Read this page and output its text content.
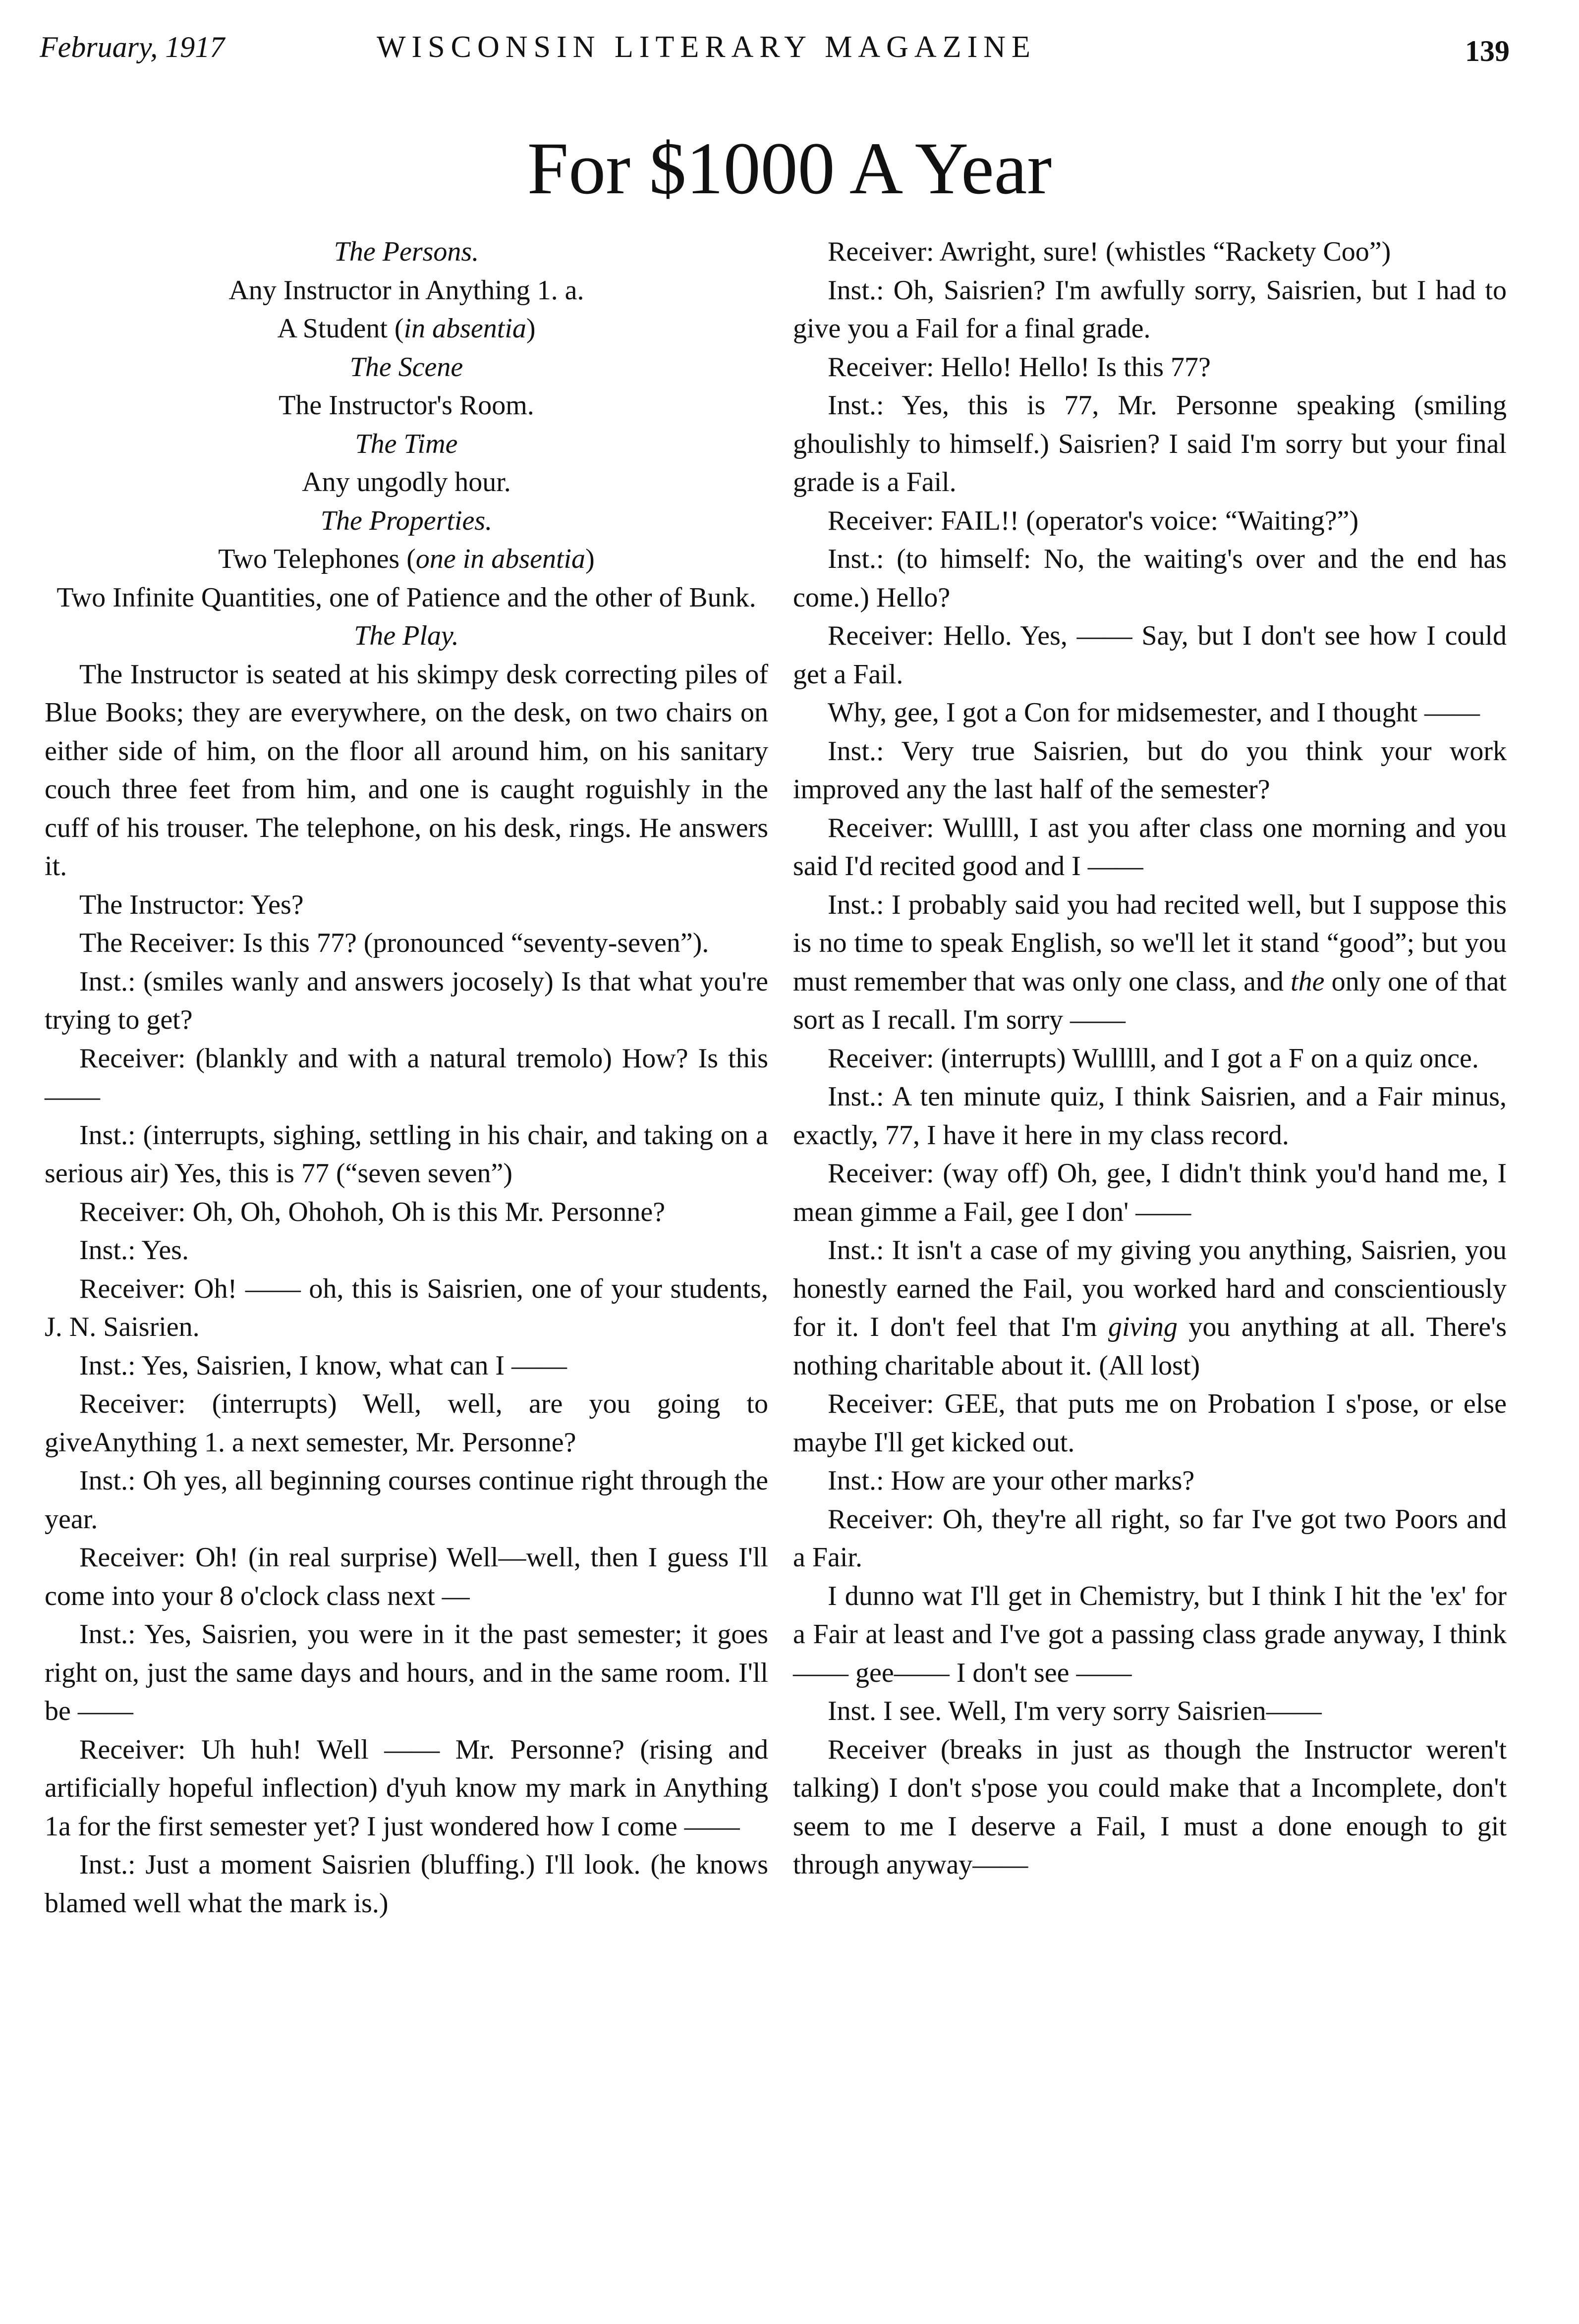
February, 1917	WISCONSIN LITERARY MAGAZINE	139
For $1000 A Year

The Persons.

Any Instructor in Anything 1. a.

A Student (in absentia)

The Scene

The Instructor's Room.

The Time

Any ungodly hour.

The Properties.

Two Telephones (one in absentia)

Two Infinite Quantities, one of Patience and the other of Bunk.

The Play.

The Instructor is seated at his skimpy desk correcting piles of Blue Books; they are everywhere, on the desk, on two chairs on either side of him, on the floor all around him, on his sanitary couch three feet from him, and one is caught roguishly in the cuff of his trouser. The telephone, on his desk, rings. He answers it.

The Instructor: Yes?

The Receiver: Is this 77? (pronounced “seventy-seven”).

Inst.: (smiles wanly and answers jocosely) Is that what you're trying to get?

Receiver: (blankly and with a natural tremolo) How? Is this ——

Inst.: (interrupts, sighing, settling in his chair, and taking on a serious air) Yes, this is 77 (“seven seven”)

Receiver: Oh, Oh, Ohohoh, Oh is this Mr. Personne?

Inst.: Yes.

Receiver: Oh! —— oh, this is Saisrien, one of your students, J. N. Saisrien.

Inst.: Yes, Saisrien, I know, what can I ——

Receiver: (interrupts) Well, well, are you going to giveAnything 1. a next semester, Mr. Personne?

Inst.: Oh yes, all beginning courses continue right through the year.

Receiver: Oh! (in real surprise) Well—well, then I guess I'll come into your 8 o'clock class next —

Inst.: Yes, Saisrien, you were in it the past semester; it goes right on, just the same days and hours, and in the same room. I'll be ——

Receiver: Uh huh! Well —— Mr. Personne? (rising and artificially hopeful inflection) d'yuh know my mark in Anything 1a for the first semester yet? I just wondered how I come ——

Inst.: Just a moment Saisrien (bluffing.) I'll look. (he knows blamed well what the mark is.)

Receiver: Awright, sure! (whistles “Rackety Coo”)

Inst.: Oh, Saisrien? I'm awfully sorry, Saisrien, but I had to give you a Fail for a final grade.

Receiver: Hello! Hello! Is this 77?

Inst.: Yes, this is 77, Mr. Personne speaking (smiling ghoulishly to himself.) Saisrien? I said I'm sorry but your final grade is a Fail.

Receiver: FAIL!! (operator's voice: “Waiting?”)

Inst.: (to himself: No, the waiting's over and the end has come.) Hello?

Receiver: Hello. Yes, —— Say, but I don't see how I could get a Fail.

Why, gee, I got a Con for midsemester, and I thought ——

Inst.: Very true Saisrien, but do you think your work improved any the last half of the semester?

Receiver: Wullll, I ast you after class one morning and you said I'd recited good and I ——

Inst.: I probably said you had recited well, but I suppose this is no time to speak English, so we'll let it stand “good”; but you must remember that was only one class, and the only one of that sort as I recall. I'm sorry ——

Receiver: (interrupts) Wulllll, and I got a F on a quiz once.

Inst.: A ten minute quiz, I think Saisrien, and a Fair minus, exactly, 77, I have it here in my class record.

Receiver: (way off) Oh, gee, I didn't think you'd hand me, I mean gimme a Fail, gee I don' ——

Inst.: It isn't a case of my giving you anything, Saisrien, you honestly earned the Fail, you worked hard and conscientiously for it. I don't feel that I'm giving you anything at all. There's nothing charitable about it. (All lost)

Receiver: GEE, that puts me on Probation I s'pose, or else maybe I'll get kicked out.

Inst.: How are your other marks?

Receiver: Oh, they're all right, so far I've got two Poors and a Fair.

I dunno wat I'll get in Chemistry, but I think I hit the 'ex' for a Fair at least and I've got a passing class grade anyway, I think —— gee—— I don't see ——

Inst. I see. Well, I'm very sorry Saisrien——

Receiver (breaks in just as though the Instructor weren't talking) I don't s'pose you could make that a Incomplete, don't seem to me I deserve a Fail, I must a done enough to git through anyway——
